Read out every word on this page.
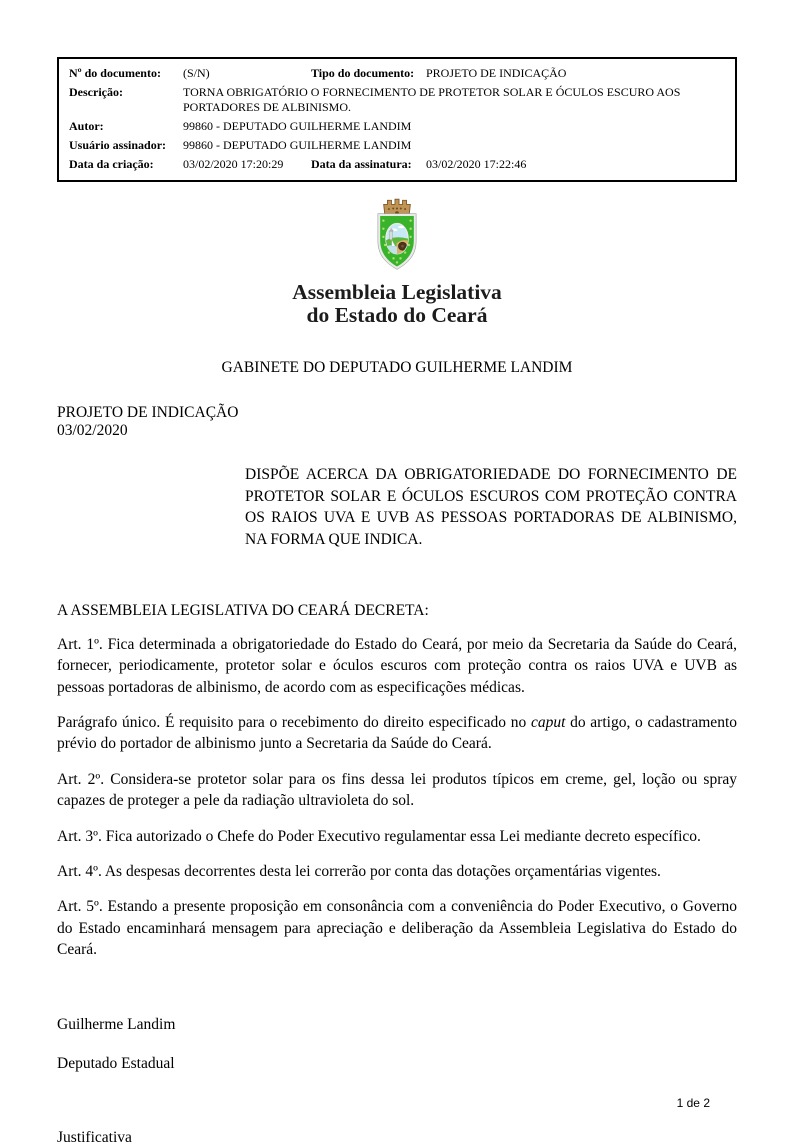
Nº do documento:	(S/N)	Tipo do documento: PROJETO DE INDICAÇÃO
Descrição:	TORNA OBRIGATÓRIO O FORNECIMENTO DE PROTETOR SOLAR E ÓCULOS ESCURO AOS PORTADORES DE ALBINISMO.
Autor:	99860 - DEPUTADO GUILHERME LANDIM
Usuário assinador:	99860 - DEPUTADO GUILHERME LANDIM
Data da criação:	03/02/2020 17:20:29	Data da assinatura:	03/02/2020 17:22:46
Assembleia Legislativa
do Estado do Ceará
GABINETE DO DEPUTADO GUILHERME LANDIM
PROJETO DE INDICAÇÃO
03/02/2020
DISPÕE ACERCA DA OBRIGATORIEDADE DO FORNECIMENTO DE PROTETOR SOLAR E ÓCULOS ESCUROS COM PROTEÇÃO CONTRA OS RAIOS UVA E UVB AS PESSOAS PORTADORAS DE ALBINISMO, NA FORMA QUE INDICA.
A ASSEMBLEIA LEGISLATIVA DO CEARÁ DECRETA:

Art. 1º. Fica determinada a obrigatoriedade do Estado do Ceará, por meio da Secretaria da Saúde do Ceará, fornecer, periodicamente, protetor solar e óculos escuros com proteção contra os raios UVA e UVB as pessoas portadoras de albinismo, de acordo com as especificações médicas.

Parágrafo único. É requisito para o recebimento do direito especificado no caput do artigo, o cadastramento prévio do portador de albinismo junto a Secretaria da Saúde do Ceará.

Art. 2º. Considera-se protetor solar para os fins dessa lei produtos típicos em creme, gel, loção ou spray capazes de proteger a pele da radiação ultravioleta do sol.

Art. 3º. Fica autorizado o Chefe do Poder Executivo regulamentar essa Lei mediante decreto específico.

Art. 4º. As despesas decorrentes desta lei correrão por conta das dotações orçamentárias vigentes.

Art. 5º. Estando a presente proposição em consonância com a conveniência do Poder Executivo, o Governo do Estado encaminhará mensagem para apreciação e deliberação da Assembleia Legislativa do Estado do Ceará.

Guilherme Landim
Deputado Estadual
Justificativa
1 de 2
